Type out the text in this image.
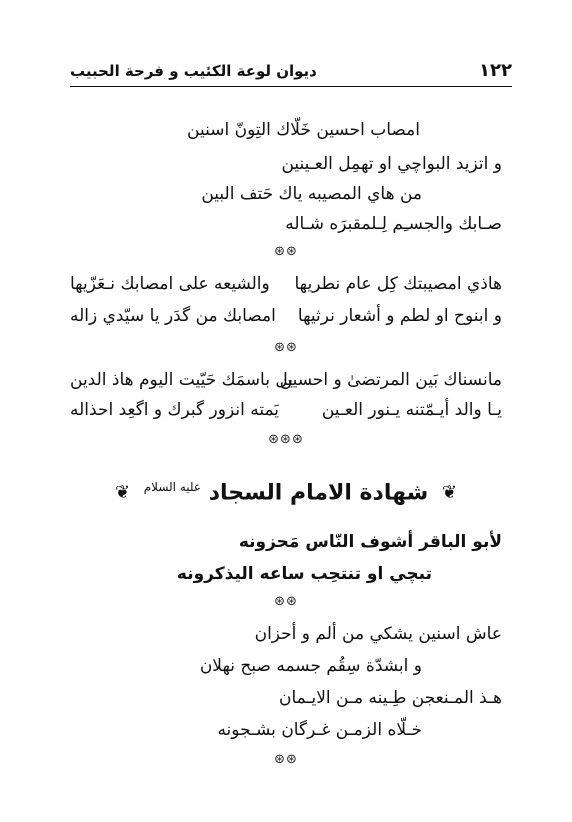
١٢٢
ديوان لوعة الكئيب و فرحة الحبيب
امصاب احسين خَلّاك التِونّ اسنين
و اتزيد البواچي او تهمِل العـينين
من هاي المصيبه ياك حَتف البين
صـابك والجسـِم لِـلمقبرَه شـاله
⊛⊛
هاذي امصيبتك كِل عام نطريها
والشيعه على امصابك نـعَزّيها
و ابنوح او لطم و أشعار نرثيها
امصابك من گدَر يا سيّدي زاله
⊛⊛
مانسناك بَين المرتضىٰ و احسين
يل باسمَك حَيّيت اليوم هاذ الدين
يـا والد أيـمّتنه يـنور العـين
يَمته انزور گبرك و اگعِد احذاله
⊛⊛⊛
❦ شهادة الامام السجاد $^{عليه السلام}$ ❦
لأبو الباقر أشوف النّاس مَحزونه
تبچي او تنتحِب ساعه اليذكرونه
⊛⊛
عاش اسنين يشكي من ألم و أحزان
و ابشدّة سِقُم جسمه صبح نهلان
هـذ المـنعجن طِـينه مـن الايـمان
خـلّاه الزمـن غـرگان بشـجونه
⊛⊛
